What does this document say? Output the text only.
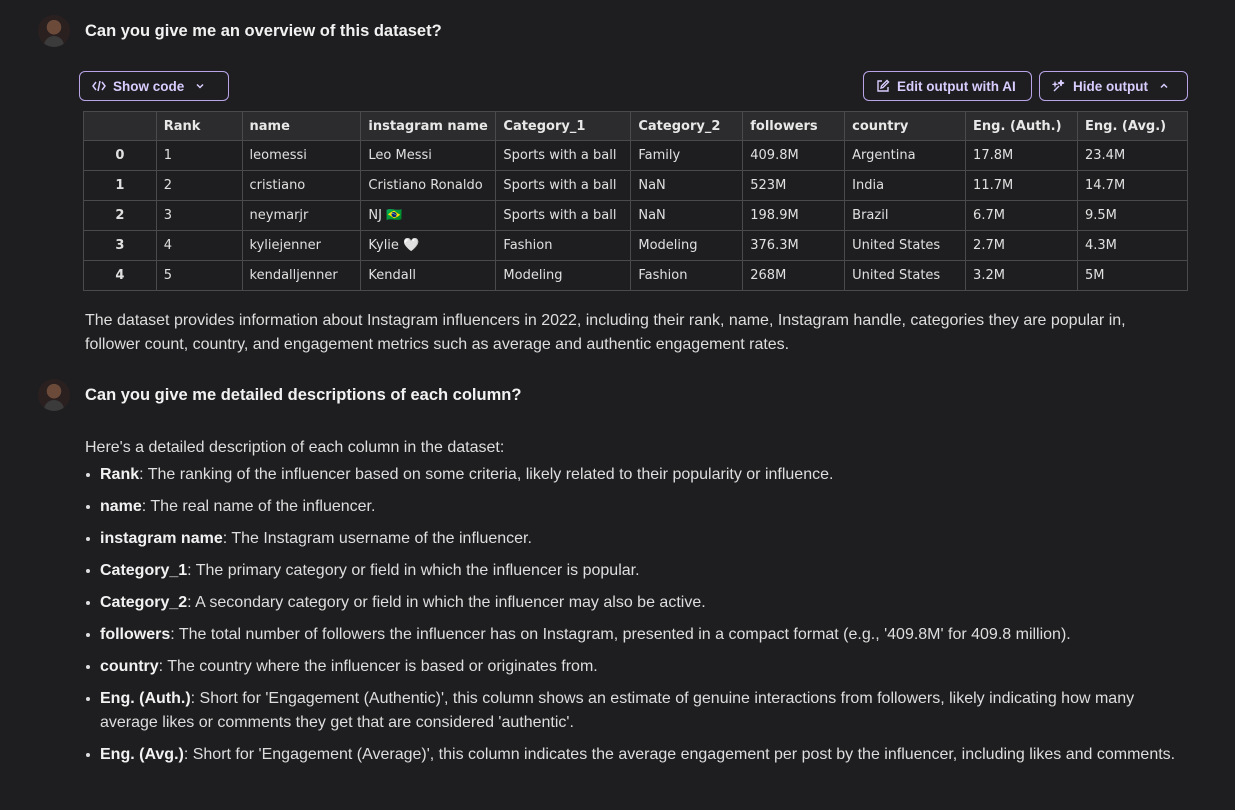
Can you give me an overview of this dataset?
Show code	Edit output with AI	Hide output
	Rank	name	instagram name	Category_1	Category_2	followers	country	Eng. (Auth.)	Eng. (Avg.)
0	1	leomessi	Leo Messi	Sports with a ball	Family	409.8M	Argentina	17.8M	23.4M
1	2	cristiano	Cristiano Ronaldo	Sports with a ball	NaN	523M	India	11.7M	14.7M
2	3	neymarjr	NJ 🇧🇷	Sports with a ball	NaN	198.9M	Brazil	6.7M	9.5M
3	4	kyliejenner	Kylie 🤍	Fashion	Modeling	376.3M	United States	2.7M	4.3M
4	5	kendalljenner	Kendall	Modeling	Fashion	268M	United States	3.2M	5M
The dataset provides information about Instagram influencers in 2022, including their rank, name, Instagram handle, categories they are popular in, follower count, country, and engagement metrics such as average and authentic engagement rates.
Can you give me detailed descriptions of each column?
Here's a detailed description of each column in the dataset:
Rank: The ranking of the influencer based on some criteria, likely related to their popularity or influence.
name: The real name of the influencer.
instagram name: The Instagram username of the influencer.
Category_1: The primary category or field in which the influencer is popular.
Category_2: A secondary category or field in which the influencer may also be active.
followers: The total number of followers the influencer has on Instagram, presented in a compact format (e.g., '409.8M' for 409.8 million).
country: The country where the influencer is based or originates from.
Eng. (Auth.): Short for 'Engagement (Authentic)', this column shows an estimate of genuine interactions from followers, likely indicating how many average likes or comments they get that are considered 'authentic'.
Eng. (Avg.): Short for 'Engagement (Average)', this column indicates the average engagement per post by the influencer, including likes and comments.
